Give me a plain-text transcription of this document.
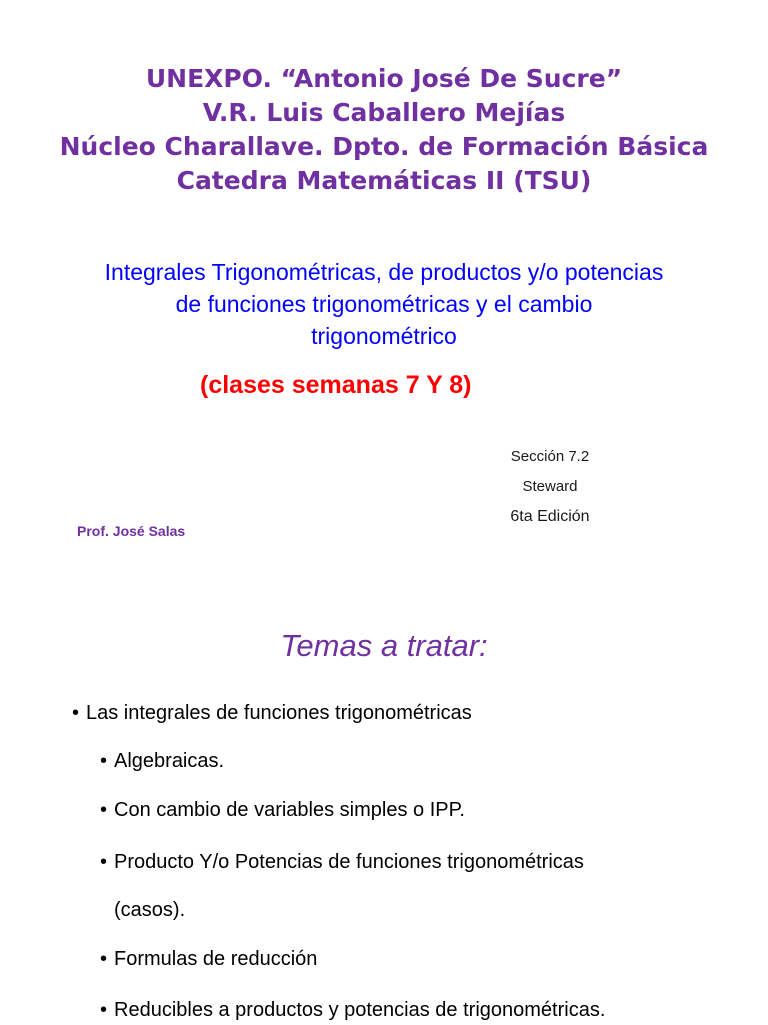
UNEXPO. “Antonio José De Sucre”
V.R. Luis Caballero Mejías
Núcleo Charallave. Dpto. de Formación Básica
Catedra Matemáticas II (TSU)
Integrales Trigonométricas, de productos y/o potencias
de funciones trigonométricas y el cambio
trigonométrico
(clases semanas 7 Y 8)
Sección 7.2
Steward
6ta Edición
Prof. José Salas
Temas a tratar:
• Las integrales de funciones trigonométricas
• Algebraicas.
• Con cambio de variables simples o IPP.
• Producto Y/o Potencias de funciones trigonométricas
(casos).
• Formulas de reducción
• Reducibles a productos y potencias de trigonométricas.
